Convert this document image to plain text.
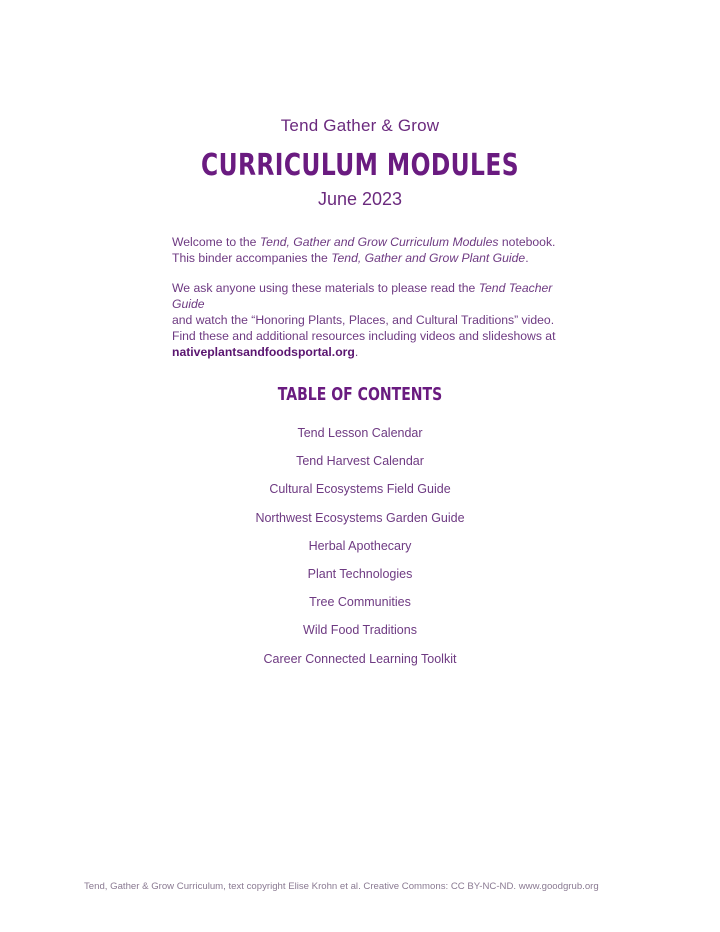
Tend Gather & Grow
CURRICULUM MODULES
June 2023

Welcome to the Tend, Gather and Grow Curriculum Modules notebook.
This binder accompanies the Tend, Gather and Grow Plant Guide.

We ask anyone using these materials to please read the Tend Teacher Guide
and watch the “Honoring Plants, Places, and Cultural Traditions” video.
Find these and additional resources including videos and slideshows at
nativeplantsandfoodsportal.org.

TABLE OF CONTENTS
Tend Lesson Calendar
Tend Harvest Calendar
Cultural Ecosystems Field Guide
Northwest Ecosystems Garden Guide
Herbal Apothecary
Plant Technologies
Tree Communities
Wild Food Traditions
Career Connected Learning Toolkit
Tend, Gather & Grow Curriculum, text copyright Elise Krohn et al. Creative Commons: CC BY-NC-ND. www.goodgrub.org
